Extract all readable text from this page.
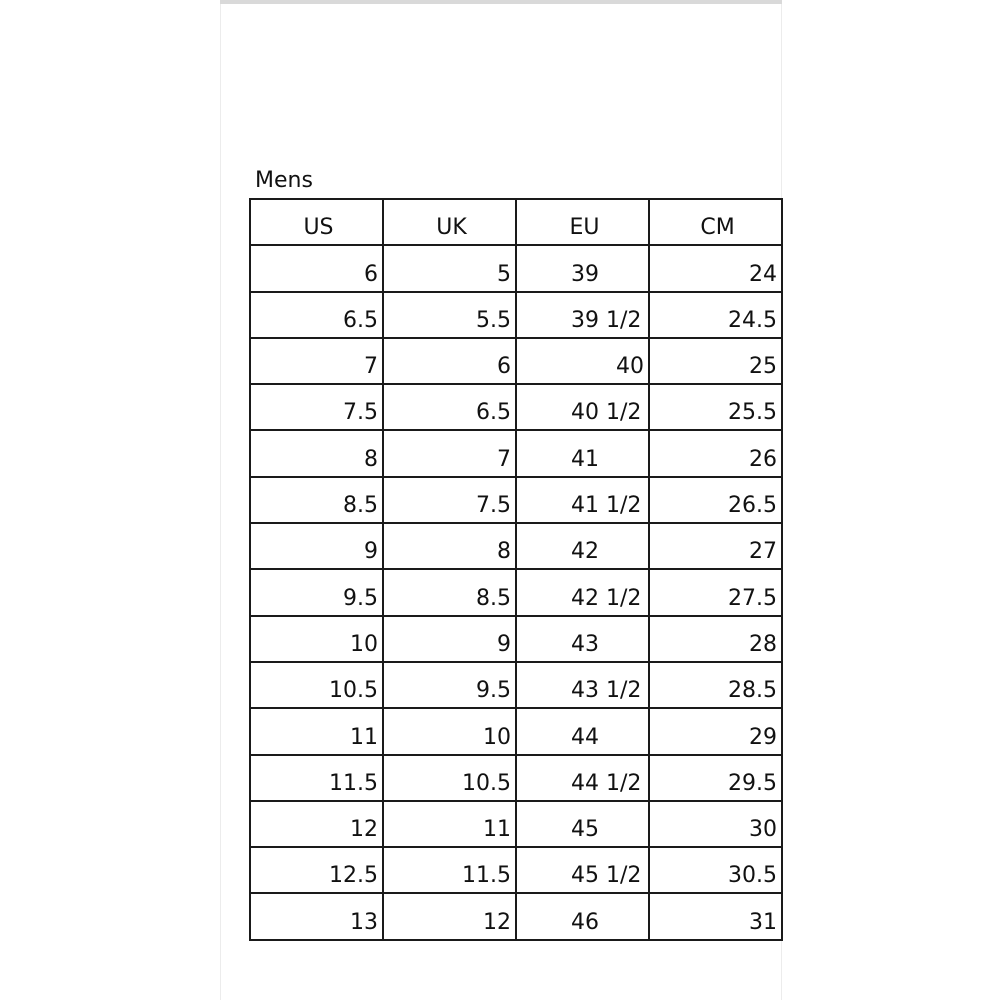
Mens
US	UK	EU	CM
6	5	39	24
6.5	5.5	39 1/2	24.5
7	6	40	25
7.5	6.5	40 1/2	25.5
8	7	41	26
8.5	7.5	41 1/2	26.5
9	8	42	27
9.5	8.5	42 1/2	27.5
10	9	43	28
10.5	9.5	43 1/2	28.5
11	10	44	29
11.5	10.5	44 1/2	29.5
12	11	45	30
12.5	11.5	45 1/2	30.5
13	12	46	31
